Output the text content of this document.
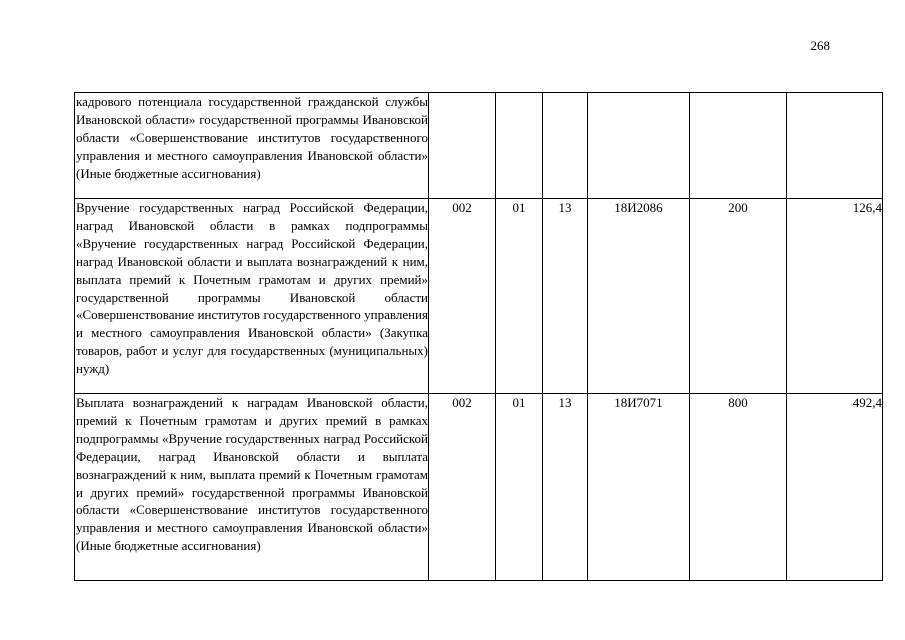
268
кадрового потенциала государственной гражданской службы Ивановской области» государственной программы Ивановской области «Совершенствование институтов государственного управления и местного самоуправления Ивановской области» (Иные бюджетные ассигнования)						
Вручение государственных наград Российской Федерации, наград Ивановской области в рамках подпрограммы «Вручение государственных наград Российской Федерации, наград Ивановской области и выплата вознаграждений к ним, выплата премий к Почетным грамотам и других премий» государственной программы Ивановской области «Совершенствование институтов государственного управления и местного самоуправления Ивановской области» (Закупка товаров, работ и услуг для государственных (муниципальных) нужд)	002	01	13	18И2086	200	126,4
Выплата вознаграждений к наградам Ивановской области, премий к Почетным грамотам и других премий в рамках подпрограммы «Вручение государственных наград Российской Федерации, наград Ивановской области и выплата вознаграждений к ним, выплата премий к Почетным грамотам и других премий» государственной программы Ивановской области «Совершенствование институтов государственного управления и местного самоуправления Ивановской области» (Иные бюджетные ассигнования)	002	01	13	18И7071	800	492,4
